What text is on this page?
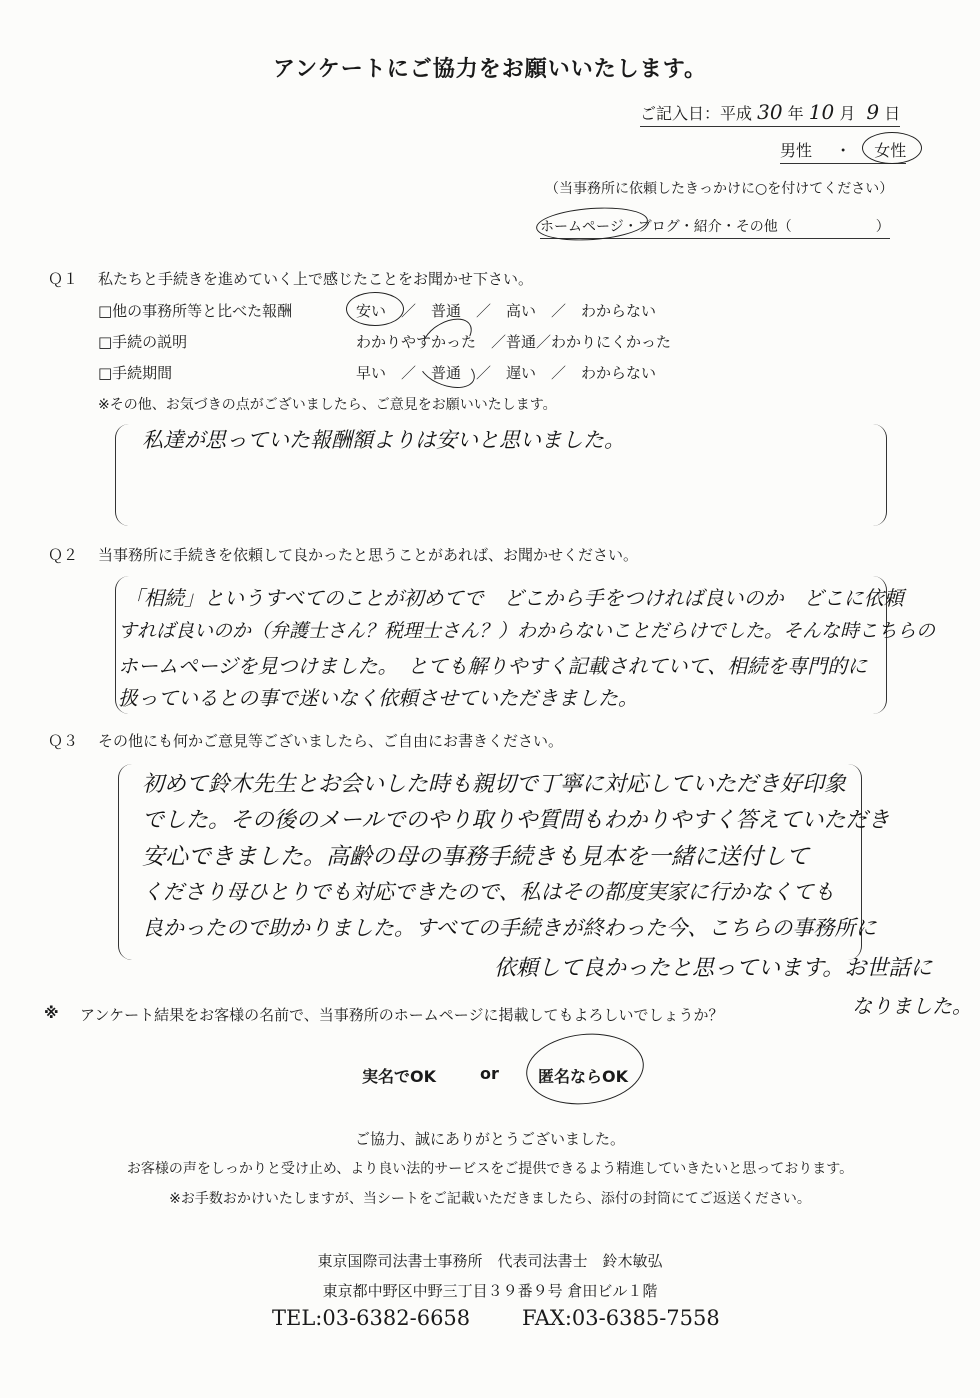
アンケートにご協力をお願いいたします。
ご記入日：平成 30 年 10 月 9 日
男性 ・ 女性
（当事務所に依頼したきっかけに○を付けてください）
ホームページ・ブログ・紹介・その他（　　　　　　）
Ｑ１ 私たちと手続きを進めていく上で感じたことをお聞かせ下さい。
□他の事務所等と比べた報酬	安い　／　普通　／　高い　／　わからない
□手続の説明	わかりやすかった　／普通／わかりにくかった
□手続期間	早い　／　普通　／　遅い　／　わからない
※その他、お気づきの点がございましたら、ご意見をお願いいたします。
私達が思っていた報酬額よりは安いと思いました。
Ｑ２ 当事務所に手続きを依頼して良かったと思うことがあれば、お聞かせください。
「相続」というすべてのことが初めてで　どこから手をつければ良いのか　どこに依頼
すれば良いのか（弁護士さん？税理士さん？）わからないことだらけでした。そんな時こちらの
ホームページを見つけました。　とても解りやすく記載されていて、相続を専門的に
扱っているとの事で迷いなく依頼させていただきました。
Ｑ３ その他にも何かご意見等ございましたら、ご自由にお書きください。
初めて鈴木先生とお会いした時も親切で丁寧に対応していただき好印象
でした。その後のメールでのやり取りや質問もわかりやすく答えていただき
安心できました。高齢の母の事務手続きも見本を一緒に送付して
くださり母ひとりでも対応できたので、私はその都度実家に行かなくても
良かったので助かりました。すべての手続きが終わった今、こちらの事務所に
依頼して良かったと思っています。お世話に
なりました。
※ アンケート結果をお客様の名前で、当事務所のホームページに掲載してもよろしいでしょうか？
実名でOK	or 匿名ならOK
ご協力、誠にありがとうございました。
お客様の声をしっかりと受け止め、より良い法的サービスをご提供できるよう精進していきたいと思っております。
※お手数おかけいたしますが、当シートをご記載いただきましたら、添付の封筒にてご返送ください。
東京国際司法書士事務所　代表司法書士　鈴木敏弘
東京都中野区中野三丁目３９番９号 倉田ビル１階
TEL:03-6382-6658 FAX:03-6385-7558
